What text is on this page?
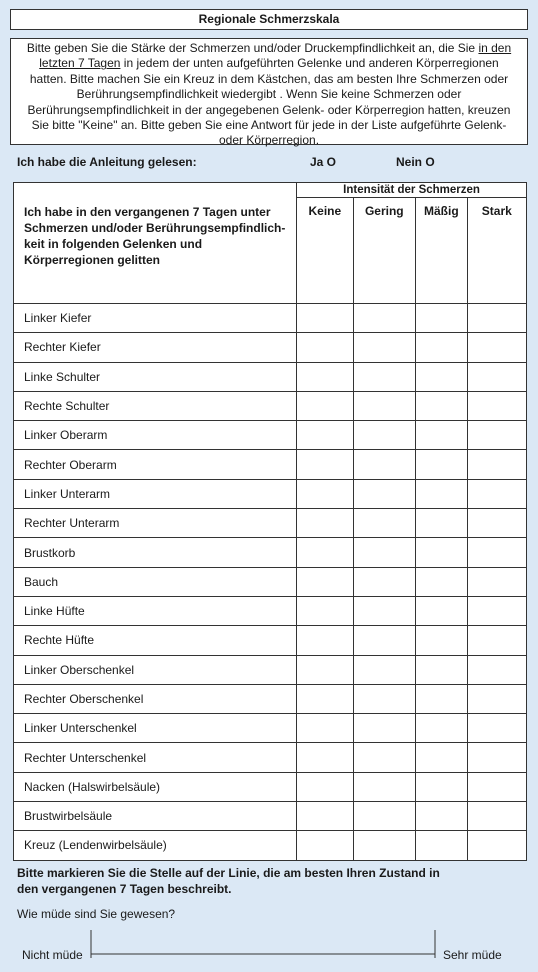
Regionale Schmerzskala
Bitte geben Sie die Stärke der Schmerzen und/oder Druckempfindlichkeit an, die Sie in den letzten 7 Tagen in jedem der unten aufgeführten Gelenke und anderen Körperregionen hatten. Bitte machen Sie ein Kreuz in dem Kästchen, das am besten Ihre Schmerzen oder Berührungsempfindlichkeit wiedergibt . Wenn Sie keine Schmerzen oder Berührungsempfindlichkeit in der angegebenen Gelenk- oder Körperregion hatten, kreuzen Sie bitte "Keine" an. Bitte geben Sie eine Antwort für jede in der Liste aufgeführte Gelenk- oder Körperregion.
Ich habe die Anleitung gelesen:	Ja O	Nein O
	Intensität der Schmerzen			
Ich habe in den vergangenen 7 Tagen unter Schmerzen und/oder Berührungsempfindlich-keit in folgenden Gelenken und Körperregionen gelitten	Keine	Gering	Mäßig	Stark
Linker Kiefer				
Rechter Kiefer				
Linke Schulter				
Rechte Schulter				
Linker Oberarm				
Rechter Oberarm				
Linker Unterarm				
Rechter Unterarm				
Brustkorb				
Bauch				
Linke Hüfte				
Rechte Hüfte				
Linker Oberschenkel				
Rechter Oberschenkel				
Linker Unterschenkel				
Rechter Unterschenkel				
Nacken (Halswirbelsäule)				
Brustwirbelsäule				
Kreuz (Lendenwirbelsäule)				
Bitte markieren Sie die Stelle auf der Linie, die am besten Ihren Zustand in den vergangenen 7 Tagen beschreibt.
Wie müde sind Sie gewesen?
Nicht müde	Sehr müde
